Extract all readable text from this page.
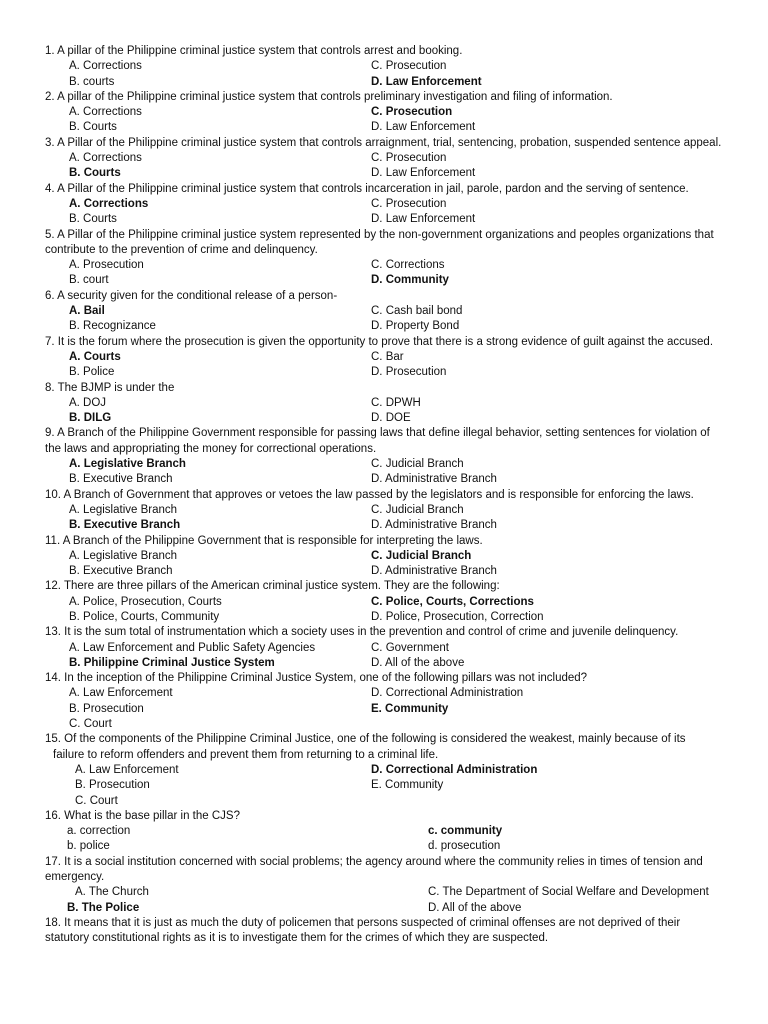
1. A pillar of the Philippine criminal justice system that controls arrest and booking.

A. Corrections	C. Prosecution
B. courts	D. Law Enforcement

2. A pillar of the Philippine criminal justice system that controls preliminary investigation and filing of information.

A. Corrections	C. Prosecution
B. Courts	D. Law Enforcement

3. A Pillar of the Philippine criminal justice system that controls arraignment, trial, sentencing, probation, suspended sentence appeal.

A. Corrections	C. Prosecution
B. Courts	D. Law Enforcement

4. A Pillar of the Philippine criminal justice system that controls incarceration in jail, parole, pardon and the serving of sentence.

A. Corrections	C. Prosecution
B. Courts	D. Law Enforcement

5. A Pillar of the Philippine criminal justice system represented by the non-government organizations and peoples organizations that contribute to the prevention of crime and delinquency.

A. Prosecution	C. Corrections
B. court	D. Community

6. A security given for the conditional release of a person-

A. Bail	C. Cash bail bond
B. Recognizance	D. Property Bond

7. It is the forum where the prosecution is given the opportunity to prove that there is a strong evidence of guilt against the accused.

A. Courts	C. Bar
B. Police	D. Prosecution

8. The BJMP is under the

A. DOJ	C. DPWH
B. DILG	D. DOE

9. A Branch of the Philippine Government responsible for passing laws that define illegal behavior, setting sentences for violation of the laws and appropriating the money for correctional operations.

A. Legislative Branch	C. Judicial Branch
B. Executive Branch	D. Administrative Branch

10. A Branch of Government that approves or vetoes the law passed by the legislators and is responsible for enforcing the laws.

A. Legislative Branch	C. Judicial Branch
B. Executive Branch	D. Administrative Branch

11. A Branch of the Philippine Government that is responsible for interpreting the laws.

A. Legislative Branch	C. Judicial Branch
B. Executive Branch	D. Administrative Branch

12. There are three pillars of the American criminal justice system. They are the following:

A. Police, Prosecution, Courts	C. Police, Courts, Corrections
B. Police, Courts, Community	D. Police, Prosecution, Correction

13. It is the sum total of instrumentation which a society uses in the prevention and control of crime and juvenile delinquency.

A. Law Enforcement and Public Safety Agencies	C. Government
B. Philippine Criminal Justice System	D. All of the above

14. In the inception of the Philippine Criminal Justice System, one of the following pillars was not included?

A. Law Enforcement	D. Correctional Administration
B. Prosecution	E. Community
C. Court

15. Of the components of the Philippine Criminal Justice, one of the following is considered the weakest, mainly because of its

failure to reform offenders and prevent them from returning to a criminal life.

A. Law Enforcement	D. Correctional Administration
B. Prosecution	E. Community
C. Court

16. What is the base pillar in the CJS?

a. correction	c. community
b. police	d. prosecution

17. It is a social institution concerned with social problems; the agency around where the community relies in times of tension and emergency.

A. The Church	C. The Department of Social Welfare and Development
B. The Police	D. All of the above

18. It means that it is just as much the duty of policemen that persons suspected of criminal offenses are not deprived of their statutory constitutional rights as it is to investigate them for the crimes of which they are suspected.
